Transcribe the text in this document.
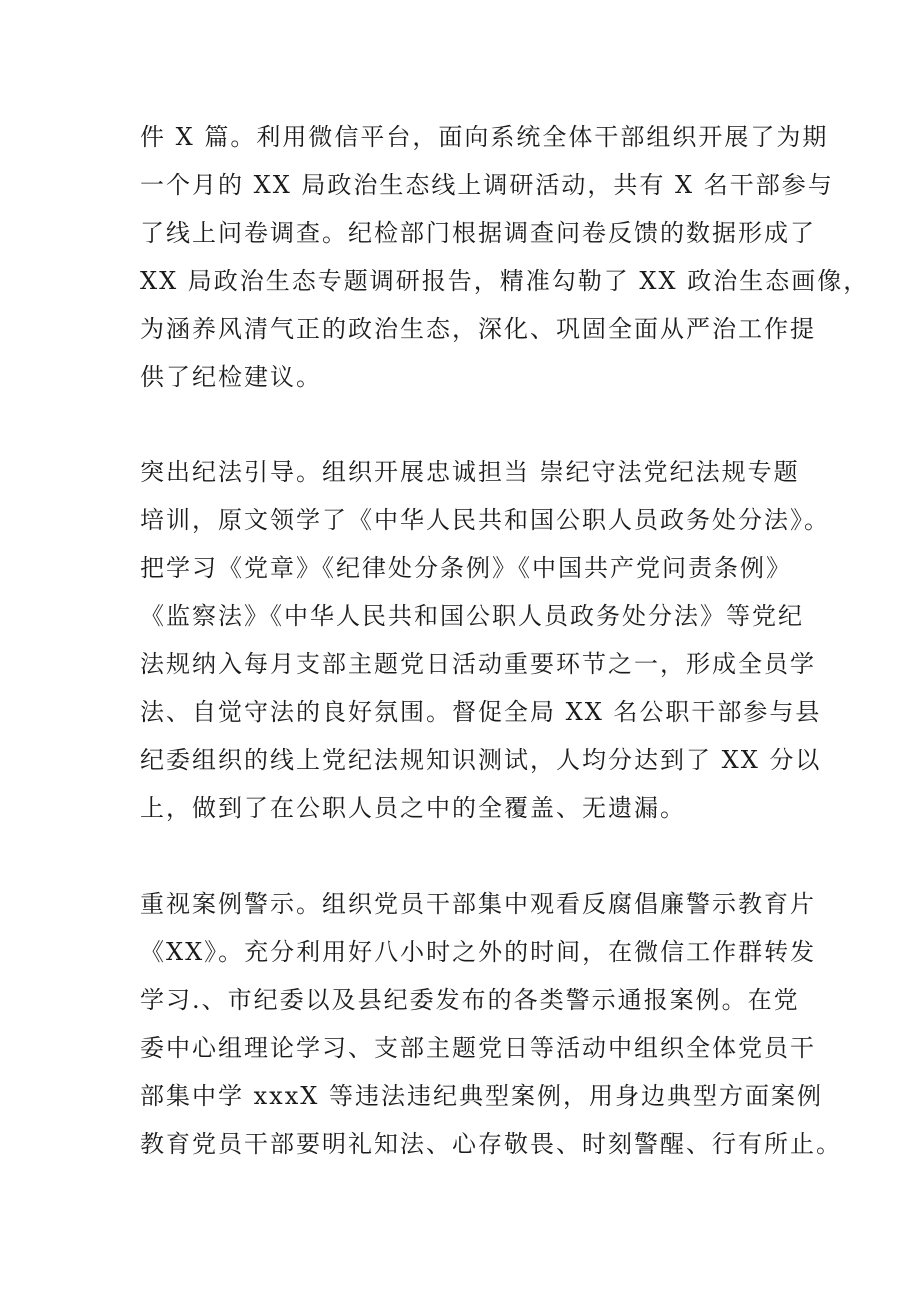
件 X 篇。利用微信平台，面向系统全体干部组织开展了为期
一个月的 XX 局政治生态线上调研活动，共有 X 名干部参与
了线上问卷调查。纪检部门根据调查问卷反馈的数据形成了
XX 局政治生态专题调研报告，精准勾勒了 XX 政治生态画像，
为涵养风清气正的政治生态，深化、巩固全面从严治工作提
供了纪检建议。
突出纪法引导。组织开展忠诚担当 崇纪守法党纪法规专题
培训，原文领学了《中华人民共和国公职人员政务处分法》。
把学习《党章》《纪律处分条例》《中国共产党问责条例》
《监察法》《中华人民共和国公职人员政务处分法》等党纪
法规纳入每月支部主题党日活动重要环节之一，形成全员学
法、自觉守法的良好氛围。督促全局 XX 名公职干部参与县
纪委组织的线上党纪法规知识测试，人均分达到了 XX 分以
上，做到了在公职人员之中的全覆盖、无遗漏。
重视案例警示。组织党员干部集中观看反腐倡廉警示教育片
《XX》。充分利用好八小时之外的时间，在微信工作群转发
学习.、市纪委以及县纪委发布的各类警示通报案例。在党
委中心组理论学习、支部主题党日等活动中组织全体党员干
部集中学 xxxX 等违法违纪典型案例，用身边典型方面案例
教育党员干部要明礼知法、心存敬畏、时刻警醒、行有所止。
